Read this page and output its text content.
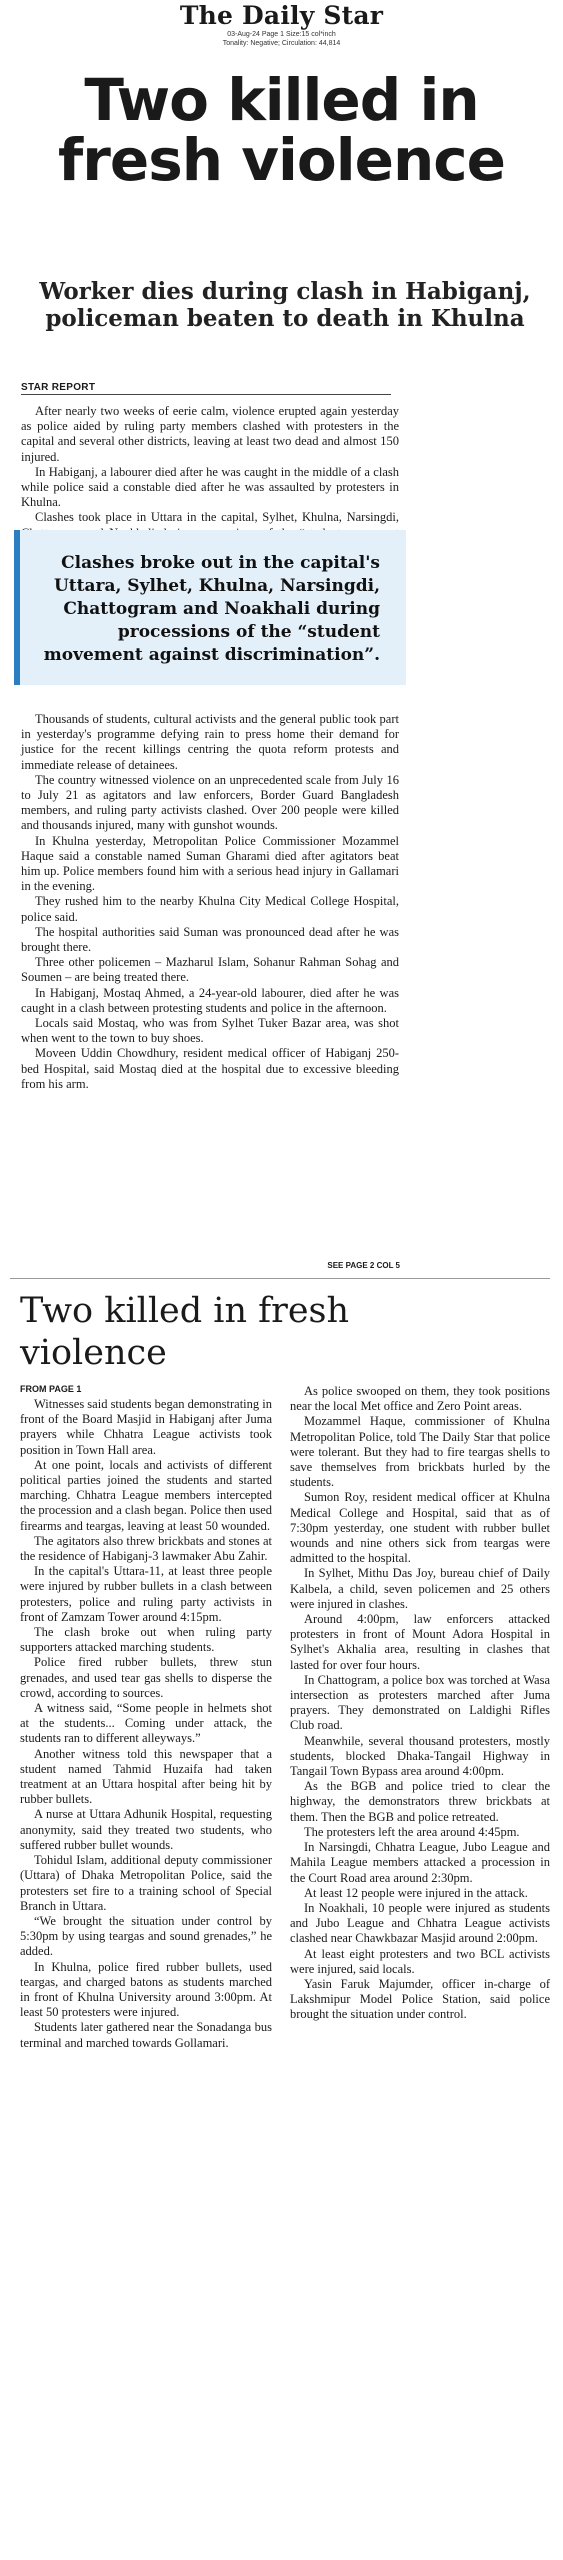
The Daily Star
03-Aug-24 Page 1 Size:15 col*inch
Tonality: Negative; Circulation: 44,814
Two killed in fresh violence
Worker dies during clash in Habiganj, policeman beaten to death in Khulna
STAR REPORT

After nearly two weeks of eerie calm, violence erupted again yesterday as police aided by ruling party members clashed with protesters in the capital and several other districts, leaving at least two dead and almost 150 injured.

In Habiganj, a labourer died after he was caught in the middle of a clash while police said a constable died after he was assaulted by protesters in Khulna.

Clashes took place in Uttara in the capital, Sylhet, Khulna, Narsingdi,

Clashes broke out in the capital's Uttara, Sylhet, Khulna, Narsingdi, Chattogram and Noakhali during processions of the “student movement against discrimination”.

Thousands of students, cultural activists and the general public took part in yesterday's programme defying rain to press home their demand for justice for the recent killings centring the quota reform protests and immediate release of detainees.

The country witnessed violence on an unprecedented scale from July 16 to July 21 as agitators and law enforcers, Border Guard Bangladesh members, and ruling party activists clashed. Over 200 people were killed and thousands injured, many with gunshot wounds.

In Khulna yesterday, Metropolitan Police Commissioner Mozammel Haque said a constable named Suman Gharami died after agitators beat him up. Police members found him with a serious head injury in Gallamari in the evening.

They rushed him to the nearby Khulna City Medical College Hospital, police said.

The hospital authorities said Suman was pronounced dead after he was brought there.

Three other policemen – Mazharul Islam, Sohanur Rahman Sohag and Soumen – are being treated there.

In Habiganj, Mostaq Ahmed, a 24-year-old labourer, died after he was caught in a clash between protesting students and police in the afternoon.

Locals said Mostaq, who was from Sylhet Tuker Bazar area, was shot when went to the town to buy shoes.

Moveen Uddin Chowdhury, resident medical officer of Habiganj 250-bed Hospital, said Mostaq died at the hospital due to excessive bleeding from his arm.

SEE PAGE 2 COL 5
Two killed in fresh violence
FROM PAGE 1

Witnesses said students began demonstrating in front of the Board Masjid in Habiganj after Juma prayers while Chhatra League activists took position in Town Hall area.

At one point, locals and activists of different political parties joined the students and started marching. Chhatra League members intercepted the procession and a clash began. Police then used firearms and teargas, leaving at least 50 wounded.

The agitators also threw brickbats and stones at the residence of Habiganj-3 lawmaker Abu Zahir.

In the capital's Uttara-11, at least three people were injured by rubber bullets in a clash between protesters, police and ruling party activists in front of Zamzam Tower around 4:15pm.

The clash broke out when ruling party supporters attacked marching students.

Police fired rubber bullets, threw stun grenades, and used tear gas shells to disperse the crowd, according to sources.

A witness said, “Some people in helmets shot at the students... Coming under attack, the students ran to different alleyways.”

Another witness told this newspaper that a student named Tahmid Huzaifa had taken treatment at an Uttara hospital after being hit by rubber bullets.

A nurse at Uttara Adhunik Hospital, requesting anonymity, said they treated two students, who suffered rubber bullet wounds.

Tohidul Islam, additional deputy commissioner (Uttara) of Dhaka Metropolitan Police, said the protesters set fire to a training school of Special Branch in Uttara.

“We brought the situation under control by 5:30pm by using teargas and sound grenades,” he added.

In Khulna, police fired rubber bullets, used teargas, and charged batons as students marched in front of Khulna University around 3:00pm. At least 50 protesters were injured.

Students later gathered near the Sonadanga bus terminal and marched towards Gollamari.

As police swooped on them, they took positions near the local Met office and Zero Point areas.

Mozammel Haque, commissioner of Khulna Metropolitan Police, told The Daily Star that police were tolerant. But they had to fire teargas shells to save themselves from brickbats hurled by the students.

Sumon Roy, resident medical officer at Khulna Medical College and Hospital, said that as of 7:30pm yesterday, one student with rubber bullet wounds and nine others sick from teargas were admitted to the hospital.

In Sylhet, Mithu Das Joy, bureau chief of Daily Kalbela, a child, seven policemen and 25 others were injured in clashes.

Around 4:00pm, law enforcers attacked protesters in front of Mount Adora Hospital in Sylhet's Akhalia area, resulting in clashes that lasted for over four hours.

In Chattogram, a police box was torched at Wasa intersection as protesters marched after Juma prayers. They demonstrated on Laldighi Rifles Club road.

Meanwhile, several thousand protesters, mostly students, blocked Dhaka-Tangail Highway in Tangail Town Bypass area around 4:00pm.

As the BGB and police tried to clear the highway, the demonstrators threw brickbats at them. Then the BGB and police retreated.

The protesters left the area around 4:45pm.

In Narsingdi, Chhatra League, Jubo League and Mahila League members attacked a procession in the Court Road area around 2:30pm.

At least 12 people were injured in the attack.

In Noakhali, 10 people were injured as students and Jubo League and Chhatra League activists clashed near Chawkbazar Masjid around 2:00pm.

At least eight protesters and two BCL activists were injured, said locals.

Yasin Faruk Majumder, officer in-charge of Lakshmipur Model Police Station, said police brought the situation under control.
